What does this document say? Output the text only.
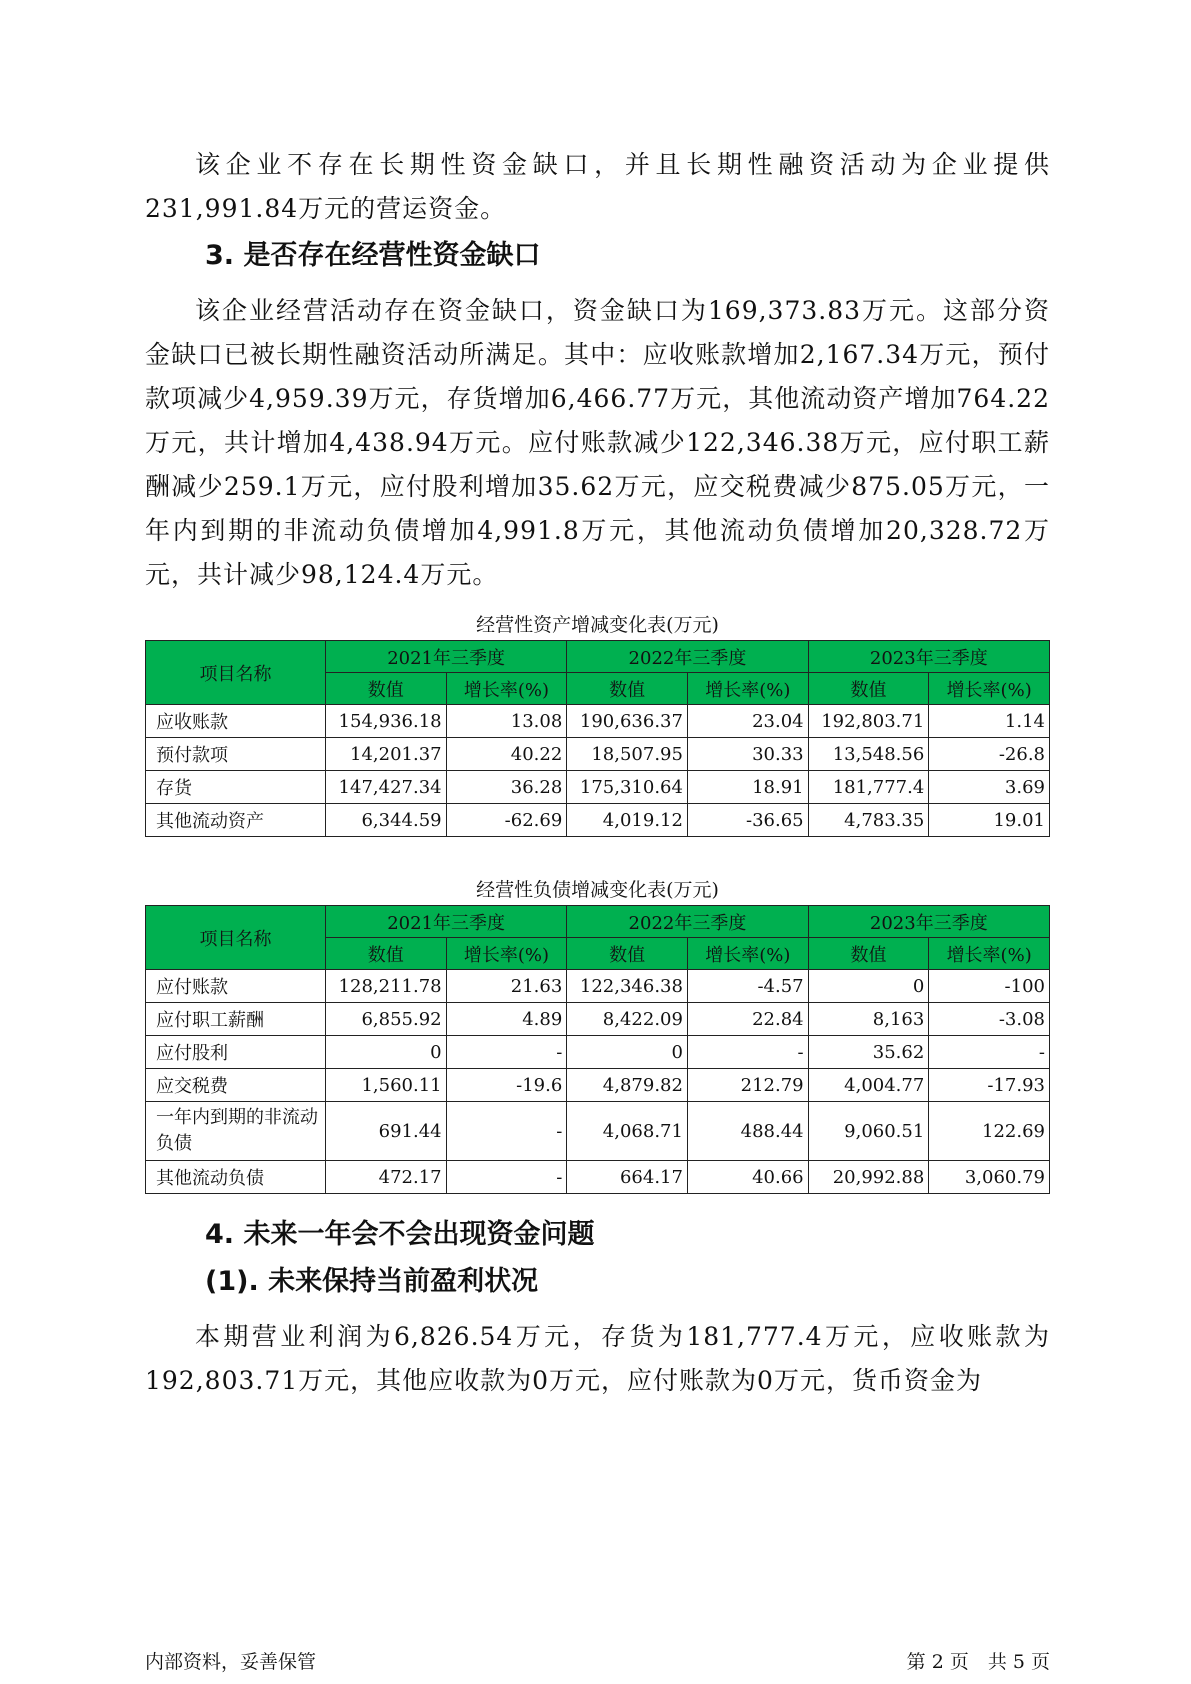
该企业不存在长期性资金缺口，并且长期性融资活动为企业提供231,991.84万元的营运资金。

3. 是否存在经营性资金缺口

该企业经营活动存在资金缺口，资金缺口为169,373.83万元。这部分资金缺口已被长期性融资活动所满足。其中：应收账款增加2,167.34万元，预付款项减少4,959.39万元，存货增加6,466.77万元，其他流动资产增加764.22万元，共计增加4,438.94万元。应付账款减少122,346.38万元，应付职工薪酬减少259.1万元，应付股利增加35.62万元，应交税费减少875.05万元，一年内到期的非流动负债增加4,991.8万元，其他流动负债增加20,328.72万元，共计减少98,124.4万元。

经营性资产增减变化表(万元)
项目名称	2021年三季度		2022年三季度		2023年三季度	
	数值	增长率(%)	数值	增长率(%)	数值	增长率(%)
应收账款	154,936.18	13.08	190,636.37	23.04	192,803.71	1.14
预付款项	14,201.37	40.22	18,507.95	30.33	13,548.56	-26.8
存货	147,427.34	36.28	175,310.64	18.91	181,777.4	3.69
其他流动资产	6,344.59	-62.69	4,019.12	-36.65	4,783.35	19.01
经营性负债增减变化表(万元)
项目名称	2021年三季度		2022年三季度		2023年三季度	
	数值	增长率(%)	数值	增长率(%)	数值	增长率(%)
应付账款	128,211.78	21.63	122,346.38	-4.57	0	-100
应付职工薪酬	6,855.92	4.89	8,422.09	22.84	8,163	-3.08
应付股利	0	-	0	-	35.62	-
应交税费	1,560.11	-19.6	4,879.82	212.79	4,004.77	-17.93
一年内到期的非流动负债	691.44	-	4,068.71	488.44	9,060.51	122.69
其他流动负债	472.17	-	664.17	40.66	20,992.88	3,060.79
4. 未来一年会不会出现资金问题
(1). 未来保持当前盈利状况

本期营业利润为6,826.54万元，存货为181,777.4万元，应收账款为192,803.71万元，其他应收款为0万元，应付账款为0万元，货币资金为

内部资料，妥善保管	第 2 页　共 5 页
